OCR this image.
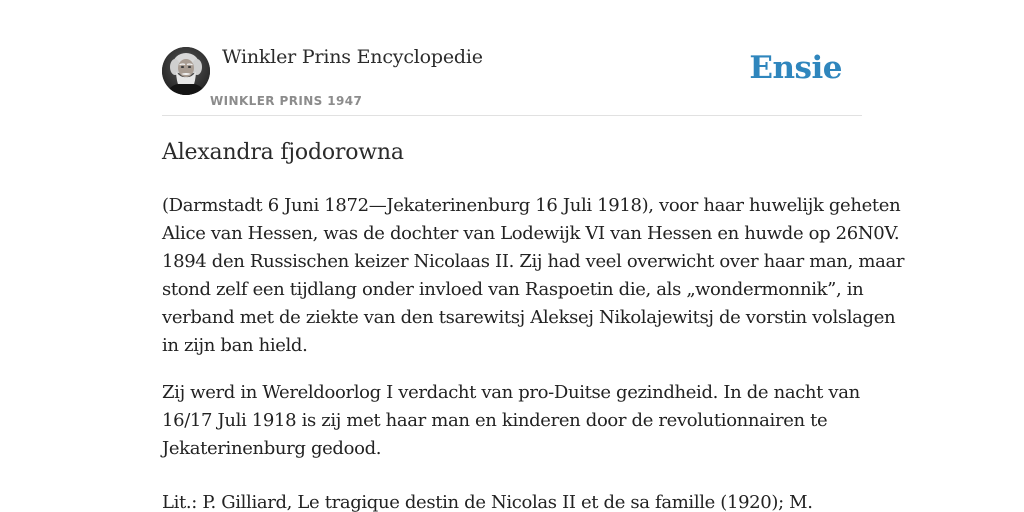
Winkler Prins Encyclopedie
WINKLER PRINS 1947
Ensie
Alexandra fjodorowna

(Darmstadt 6 Juni 1872—Jekaterinenburg 16 Juli 1918), voor haar huwelijk geheten
Alice van Hessen, was de dochter van Lodewijk VI van Hessen en huwde op 26N0V.
1894 den Russischen keizer Nicolaas II. Zij had veel overwicht over haar man, maar
stond zelf een tijdlang onder invloed van Raspoetin die, als „wondermonnik”, in
verband met de ziekte van den tsarewitsj Aleksej Nikolajewitsj de vorstin volslagen
in zijn ban hield.

Zij werd in Wereldoorlog I verdacht van pro-Duitse gezindheid. In de nacht van
16/17 Juli 1918 is zij met haar man en kinderen door de revolutionnairen te
Jekaterinenburg gedood.

Lit.: P. Gilliard, Le tragique destin de Nicolas II et de sa famille (1920); M.
